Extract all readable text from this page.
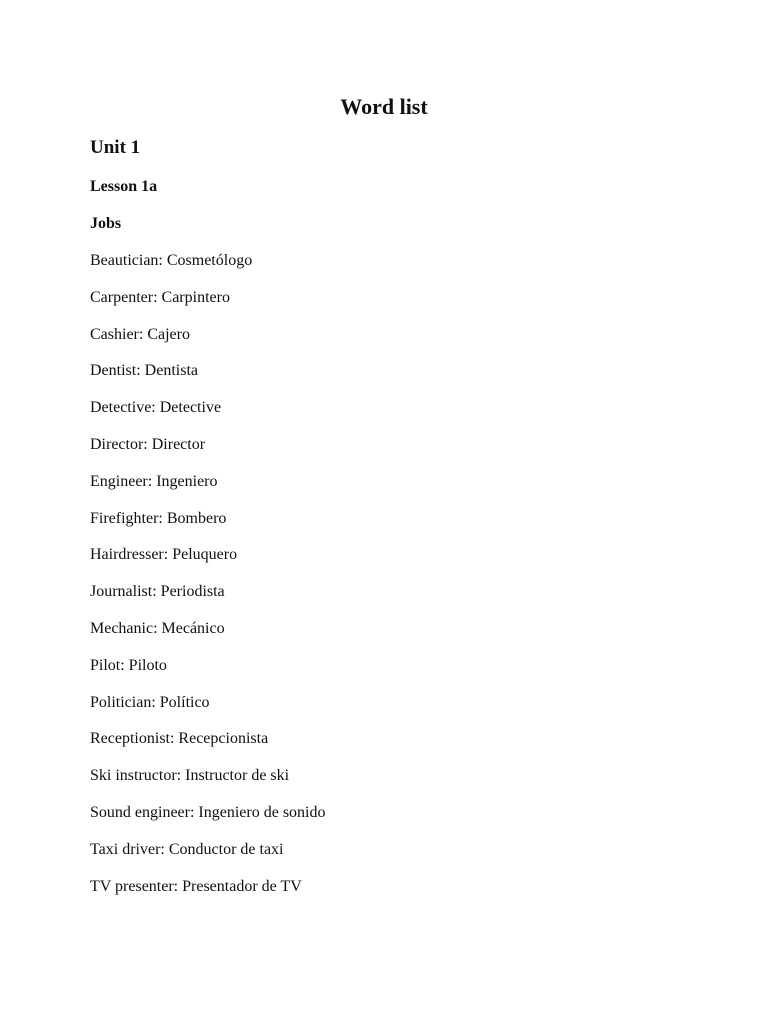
Word list
Unit 1
Lesson 1a
Jobs
Beautician: Cosmetólogo
Carpenter: Carpintero
Cashier: Cajero
Dentist: Dentista
Detective: Detective
Director: Director
Engineer: Ingeniero
Firefighter: Bombero
Hairdresser: Peluquero
Journalist: Periodista
Mechanic: Mecánico
Pilot: Piloto
Politician: Político
Receptionist: Recepcionista
Ski instructor: Instructor de ski
Sound engineer: Ingeniero de sonido
Taxi driver: Conductor de taxi
TV presenter: Presentador de TV
